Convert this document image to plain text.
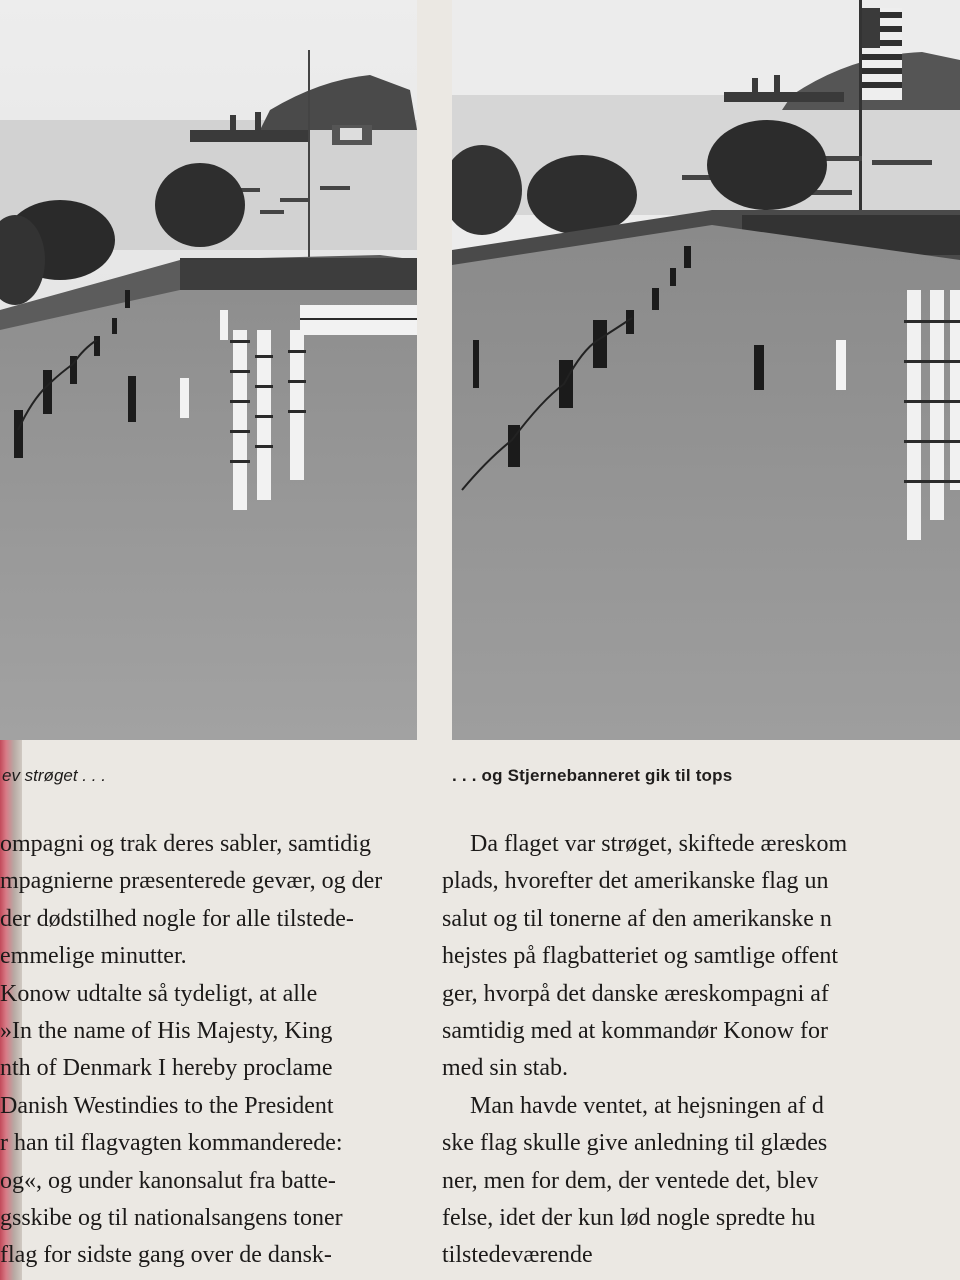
ev strøget . . .	. . . og Stjernebanneret gik til tops
ompagni og trak deres sabler, samtidig
mpagnierne præsenterede gevær, og der
der dødstilhed nogle for alle tilstede-
emmelige minutter.
Konow udtalte så tydeligt, at alle
»In the name of His Majesty, King
nth of Denmark I hereby proclame
Danish Westindies to the President
r han til flagvagten kommanderede:
og«, og under kanonsalut fra batte-
gsskibe og til nationalsangens toner
flag for sidste gang over de dansk-
Da flaget var strøget, skiftede æreskom
plads, hvorefter det amerikanske flag un
salut og til tonerne af den amerikanske n
hejstes på flagbatteriet og samtlige offent
ger, hvorpå det danske æreskompagni af
samtidig med at kommandør Konow for
med sin stab.
Man havde ventet, at hejsningen af d
ske flag skulle give anledning til glædes
ner, men for dem, der ventede det, blev
felse, idet der kun lød nogle spredte hu
tilstedeværende
